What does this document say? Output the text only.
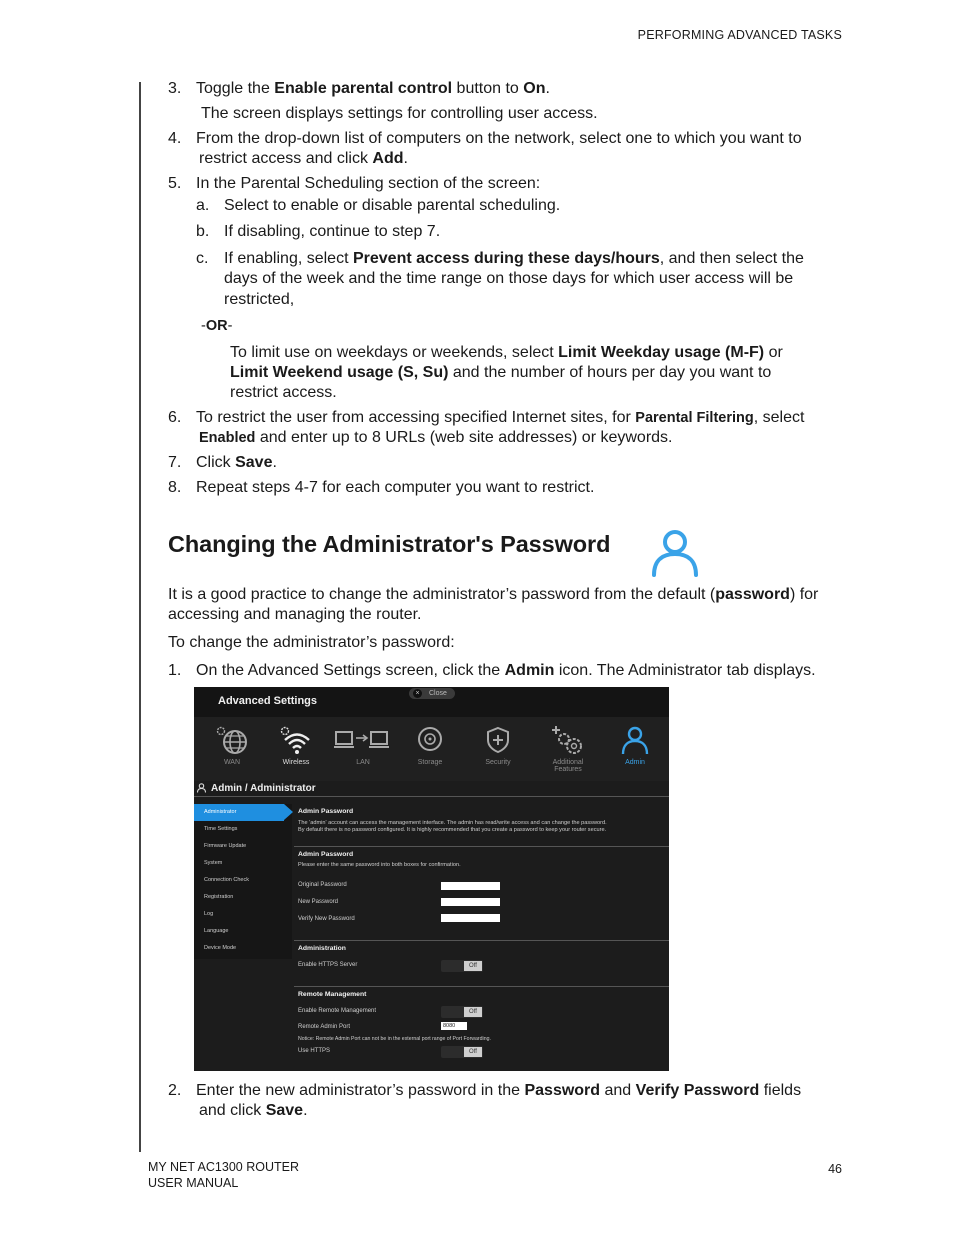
PERFORMING ADVANCED TASKS
3. Toggle the Enable parental control button to On.
The screen displays settings for controlling user access.
4. From the drop-down list of computers on the network, select one to which you want to
restrict access and click Add.
5. In the Parental Scheduling section of the screen:
a. Select to enable or disable parental scheduling.
b. If disabling, continue to step 7.
c. If enabling, select Prevent access during these days/hours, and then select the
days of the week and the time range on those days for which user access will be
restricted,
-OR-
To limit use on weekdays or weekends, select Limit Weekday usage (M-F) or
Limit Weekend usage (S, Su) and the number of hours per day you want to
restrict access.
6. To restrict the user from accessing specified Internet sites, for Parental Filtering, select
Enabled and enter up to 8 URLs (web site addresses) or keywords.
7. Click Save.
8. Repeat steps 4-7 for each computer you want to restrict.
Changing the Administrator's Password
It is a good practice to change the administrator’s password from the default (password) for
accessing and managing the router.
To change the administrator’s password:
1. On the Advanced Settings screen, click the Admin icon. The Administrator tab displays.
Advanced Settings
×	Close
WAN	Wireless	LAN	Storage	Security	Additional Features
Admin
Admin / Administrator
Administrator
Time Settings
Firmware Update
System
Connection Check
Registration
Log
Language
Device Mode
Admin Password
The 'admin' account can access the management interface. The admin has read/write access and can change the password.
By default there is no password configured. It is highly recommended that you create a password to keep your router secure.
Admin Password
Please enter the same password into both boxes for confirmation.
Original Password
New Password
Verify New Password
Administration
Enable HTTPS Server	Off
Remote Management
Enable Remote Management	Off
Remote Admin Port	8080
Notice: Remote Admin Port can not be in the external port range of Port Forwarding.
Use HTTPS	Off
2. Enter the new administrator’s password in the Password and Verify Password fields
and click Save.
MY NET AC1300 ROUTER
USER MANUAL
46
